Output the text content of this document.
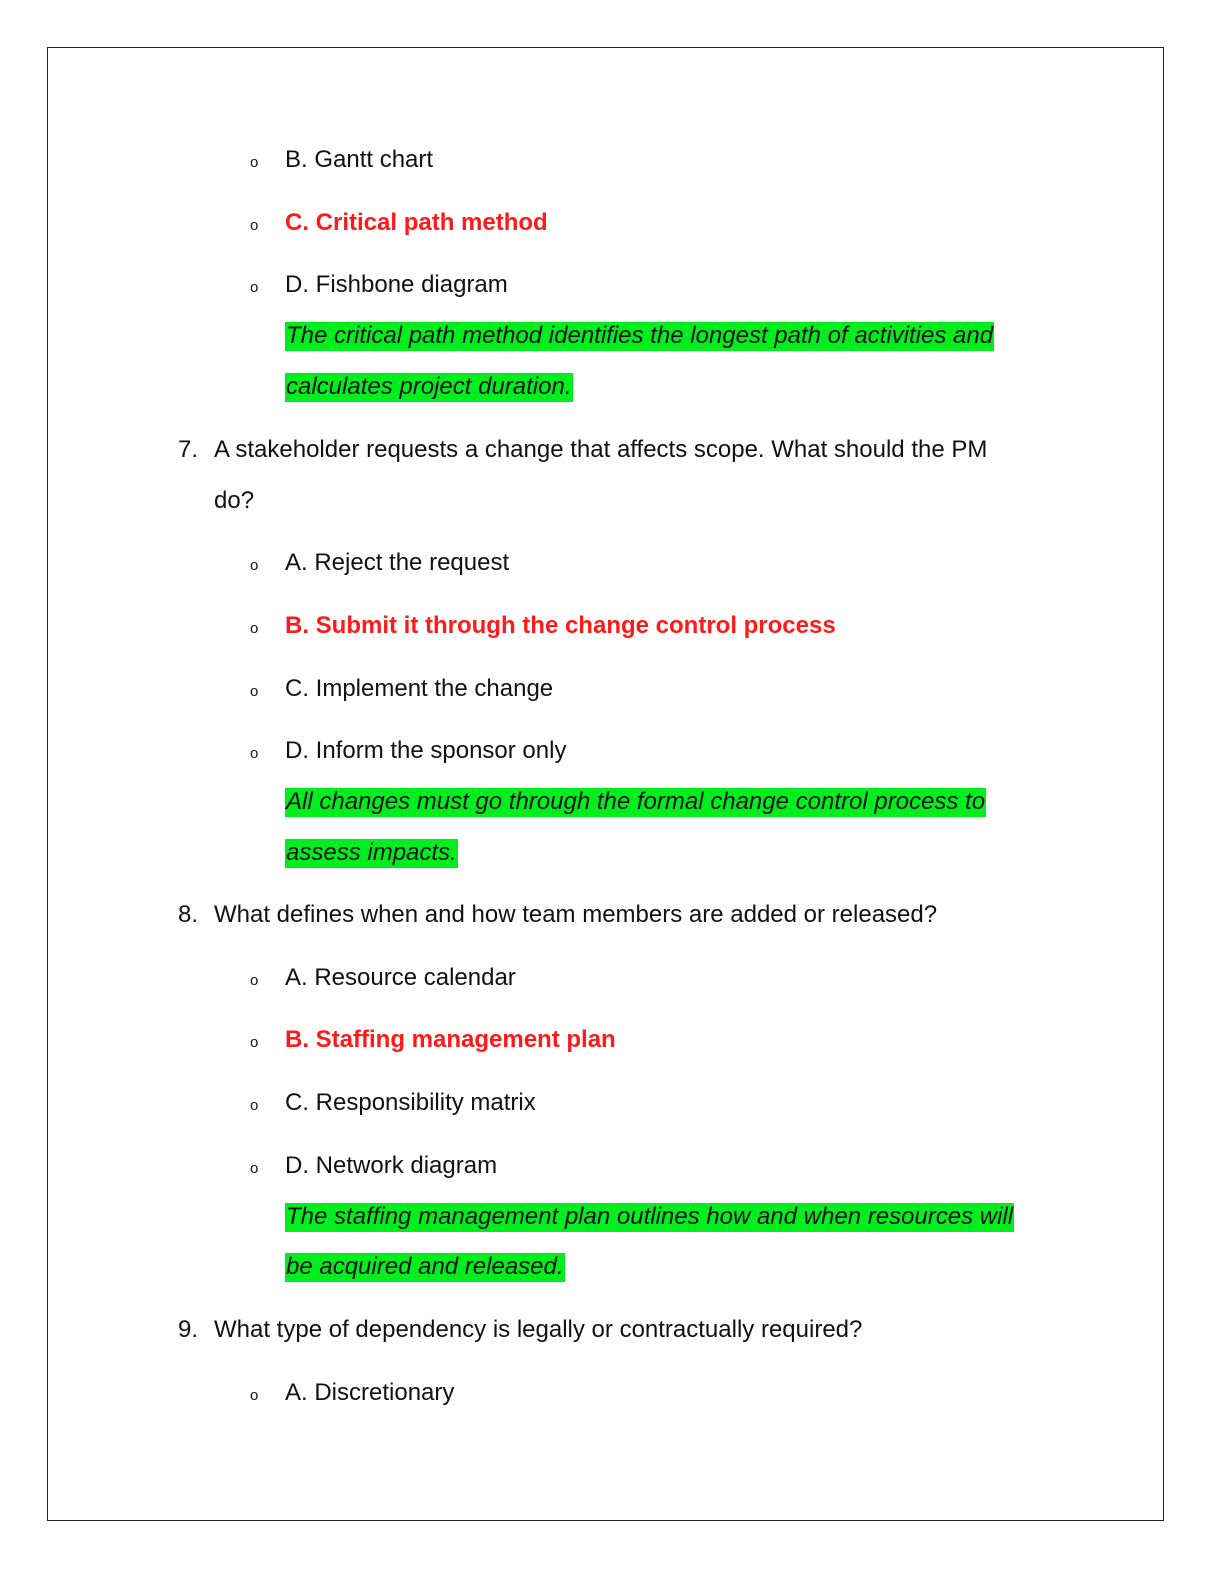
o B. Gantt chart
o C. Critical path method
o D. Fishbone diagram
The critical path method identifies the longest path of activities and
calculates project duration.
7. A stakeholder requests a change that affects scope. What should the PM
do?
o A. Reject the request
o B. Submit it through the change control process
o C. Implement the change
o D. Inform the sponsor only
All changes must go through the formal change control process to
assess impacts.
8. What defines when and how team members are added or released?
o A. Resource calendar
o B. Staffing management plan
o C. Responsibility matrix
o D. Network diagram
The staffing management plan outlines how and when resources will
be acquired and released.
9. What type of dependency is legally or contractually required?
o A. Discretionary
